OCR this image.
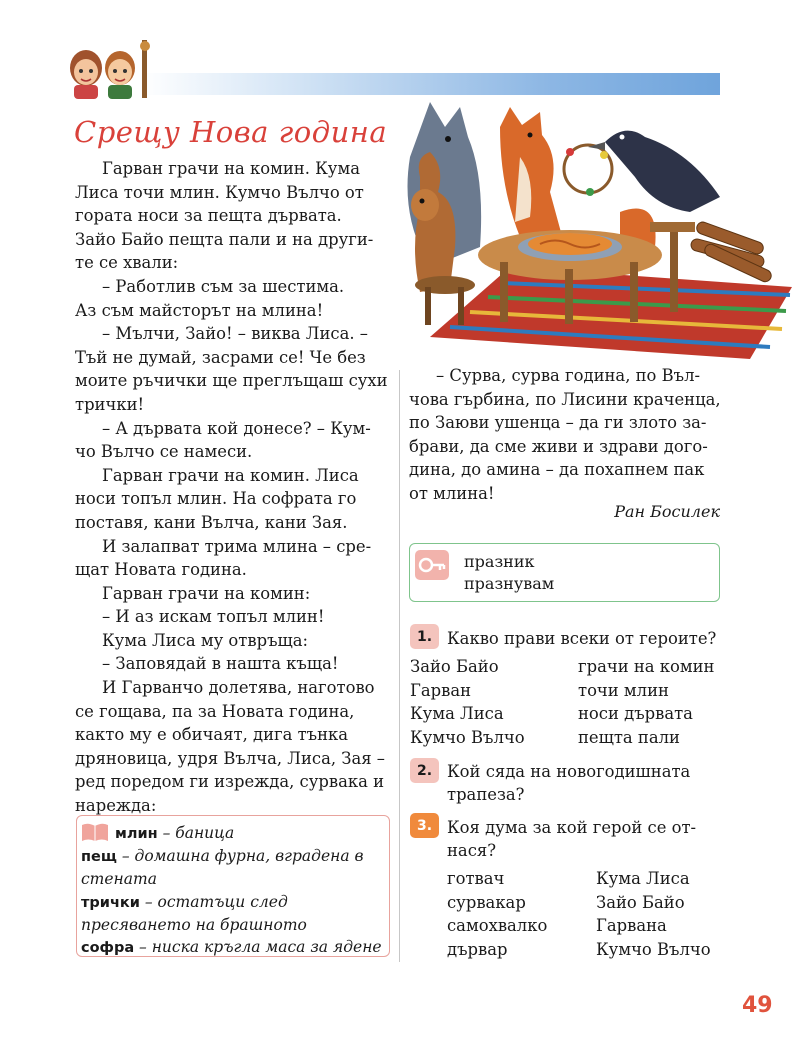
Срещу Нова година

Гарван грачи на комин. Кума

Лиса точи млин. Кумчо Вълчо от

гората носи за пещта дървата.

Зайо Байо пещта пали и на други-

те се хвали:

– Работлив съм за шестима.

Аз съм майсторът на млина!

– Мълчи, Зайо! – виква Лиса. –

Тъй не думай, засрами се! Че без

моите ръчички ще преглъщаш сухи

трички!

– А дървата кой донесе? – Кум-

чо Вълчо се намеси.

Гарван грачи на комин. Лиса

носи топъл млин. На софрата го

поставя, кани Вълча, кани Зая.

И залапват трима млина – сре-

щат Новата година.

Гарван грачи на комин:

– И аз искам топъл млин!

Кума Лиса му отвръща:

– Заповядай в нашта къща!

И Гарванчо долетява, наготово

се гощава, па за Новата година,

както му е обичаят, дига тънка

дряновица, удря Вълча, Лиса, Зая –

ред поредом ги изрежда, сурвака и

нарежда:

млин – баница
пещ – домашна фурна, вградена в
стената
трички – остатъци след
пресяването на брашното
софра – ниска кръгла маса за ядене

– Сурва, сурва година, по Въл-

чова гърбина, по Лисини краченца,

по Заюви ушенца – да ги злото за-

брави, да сме живи и здрави дого-

дина, до амина – да похапнем пак

от млина!

Ран Босилек
празник
празнувам
1. Какво прави всеки от героите?
Зайо Байо
Гарван
Кума Лиса
Кумчо Вълчо
грачи на комин
точи млин
носи дървата
пещта пали
2. Кой сяда на новогодишната
трапеза?
3. Коя дума за кой герой се от-
нася?
готвач
сурвакар
самохвалко
дървар
Кума Лиса
Зайо Байо
Гарвана
Кумчо Вълчо
49
